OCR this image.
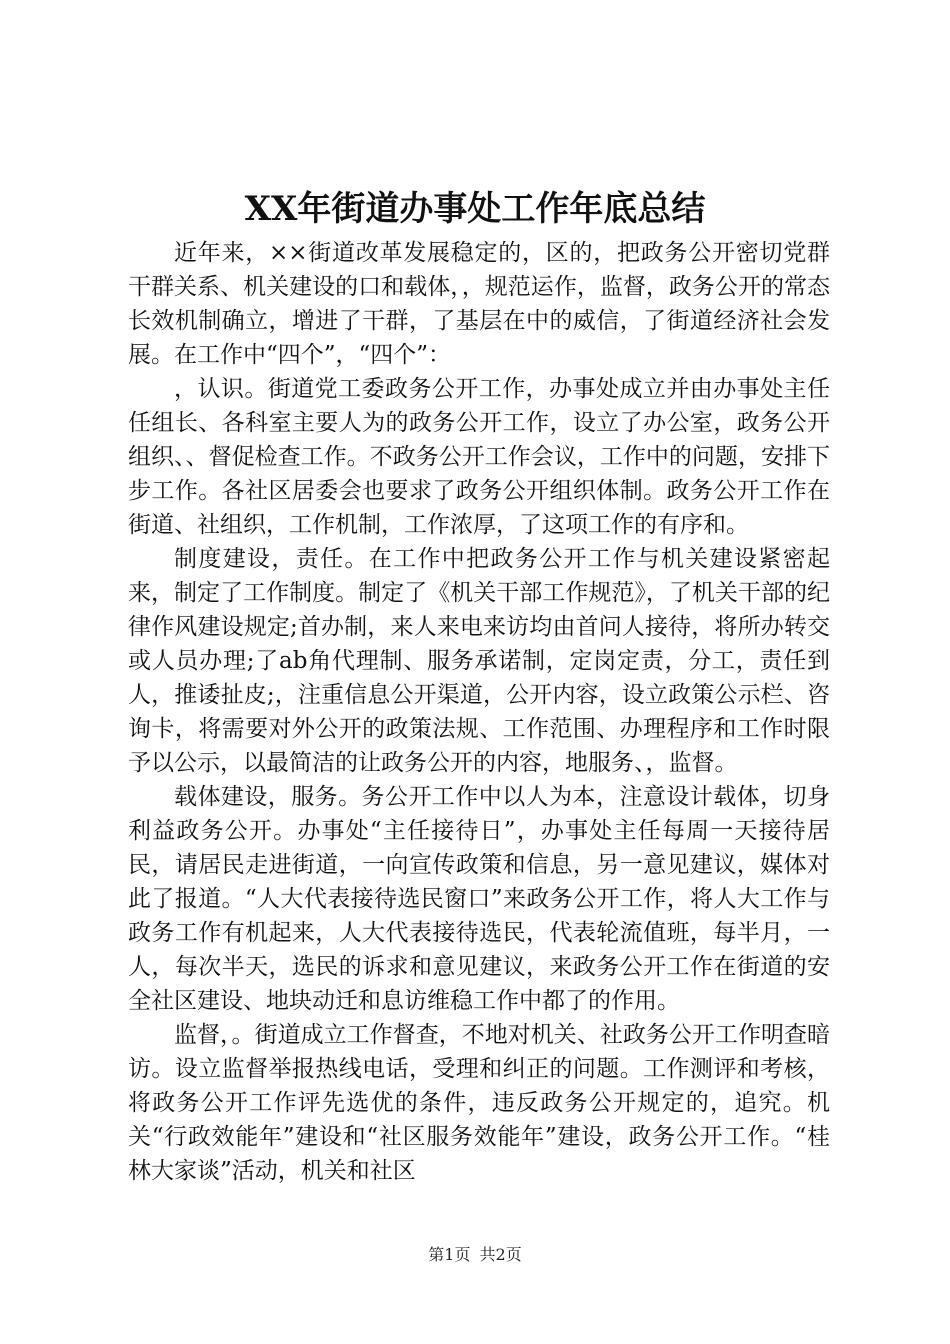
XX年街道办事处工作年底总结

近年来，××街道改革发展稳定的，区的，把政务公开密切党群干群关系、机关建设的口和载体，，规范运作，监督，政务公开的常态长效机制确立，增进了干群，了基层在中的威信，了街道经济社会发展。在工作中“四个”，“四个”：

，认识。街道党工委政务公开工作，办事处成立并由办事处主任任组长、各科室主要人为的政务公开工作，设立了办公室，政务公开组织、、督促检查工作。不政务公开工作会议，工作中的问题，安排下步工作。各社区居委会也要求了政务公开组织体制。政务公开工作在街道、社组织，工作机制，工作浓厚，了这项工作的有序和。

制度建设，责任。在工作中把政务公开工作与机关建设紧密起来，制定了工作制度。制定了《机关干部工作规范》，了机关干部的纪律作风建设规定;首办制，来人来电来访均由首问人接待，将所办转交或人员办理;了ab角代理制、服务承诺制，定岗定责，分工，责任到人，推诿扯皮;，注重信息公开渠道，公开内容，设立政策公示栏、咨询卡，将需要对外公开的政策法规、工作范围、办理程序和工作时限予以公示，以最简洁的让政务公开的内容，地服务、，监督。

载体建设，服务。务公开工作中以人为本，注意设计载体，切身利益政务公开。办事处“主任接待日”，办事处主任每周一天接待居民，请居民走进街道，一向宣传政策和信息，另一意见建议，媒体对此了报道。“人大代表接待选民窗口”来政务公开工作，将人大工作与政务工作有机起来，人大代表接待选民，代表轮流值班，每半月，一人，每次半天，选民的诉求和意见建议，来政务公开工作在街道的安全社区建设、地块动迁和息访维稳工作中都了的作用。

监督，。街道成立工作督查，不地对机关、社政务公开工作明查暗访。设立监督举报热线电话，受理和纠正的问题。工作测评和考核，将政务公开工作评先选优的条件，违反政务公开规定的，追究。机关“行政效能年”建设和“社区服务效能年”建设，政务公开工作。“桂林大家谈”活动，机关和社区

第1页 共2页
